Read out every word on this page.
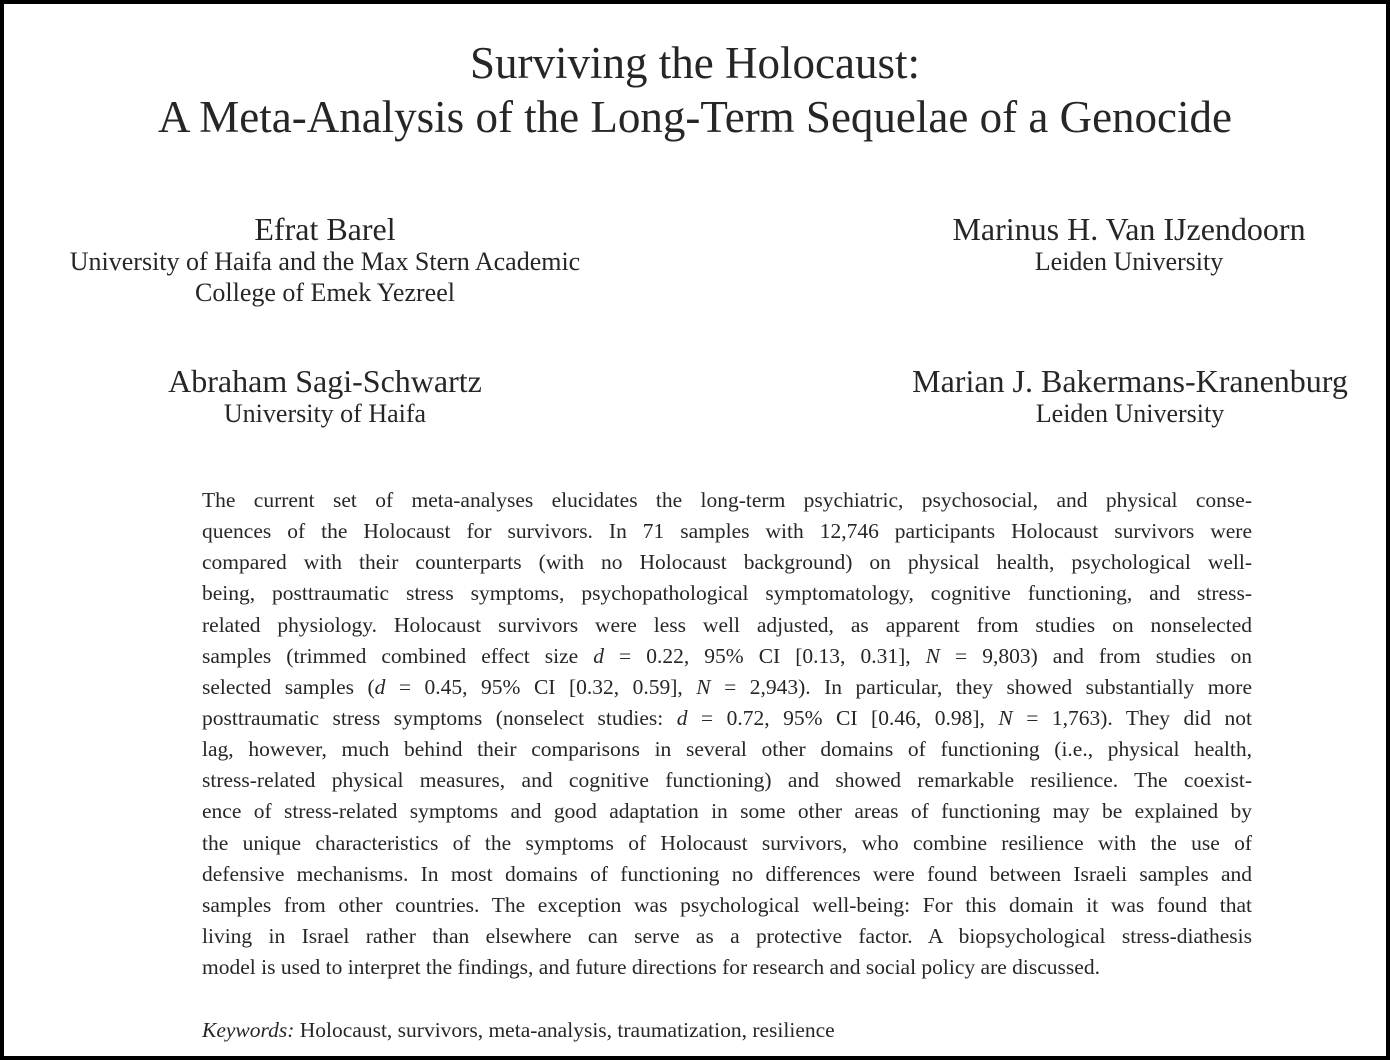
Surviving the Holocaust:
A Meta-Analysis of the Long-Term Sequelae of a Genocide
Efrat Barel
University of Haifa and the Max Stern Academic
College of Emek Yezreel
Marinus H. Van IJzendoorn
Leiden University
Abraham Sagi-Schwartz
University of Haifa
Marian J. Bakermans-Kranenburg
Leiden University
The current set of meta-analyses elucidates the long-term psychiatric, psychosocial, and physical conse-
quences of the Holocaust for survivors. In 71 samples with 12,746 participants Holocaust survivors were
compared with their counterparts (with no Holocaust background) on physical health, psychological well-
being, posttraumatic stress symptoms, psychopathological symptomatology, cognitive functioning, and stress-
related physiology. Holocaust survivors were less well adjusted, as apparent from studies on nonselected
samples (trimmed combined effect size d = 0.22, 95% CI [0.13, 0.31], N = 9,803) and from studies on
selected samples (d = 0.45, 95% CI [0.32, 0.59], N = 2,943). In particular, they showed substantially more
posttraumatic stress symptoms (nonselect studies: d = 0.72, 95% CI [0.46, 0.98], N = 1,763). They did not
lag, however, much behind their comparisons in several other domains of functioning (i.e., physical health,
stress-related physical measures, and cognitive functioning) and showed remarkable resilience. The coexist-
ence of stress-related symptoms and good adaptation in some other areas of functioning may be explained by
the unique characteristics of the symptoms of Holocaust survivors, who combine resilience with the use of
defensive mechanisms. In most domains of functioning no differences were found between Israeli samples and
samples from other countries. The exception was psychological well-being: For this domain it was found that
living in Israel rather than elsewhere can serve as a protective factor. A biopsychological stress-diathesis
model is used to interpret the findings, and future directions for research and social policy are discussed.
Keywords: Holocaust, survivors, meta-analysis, traumatization, resilience
